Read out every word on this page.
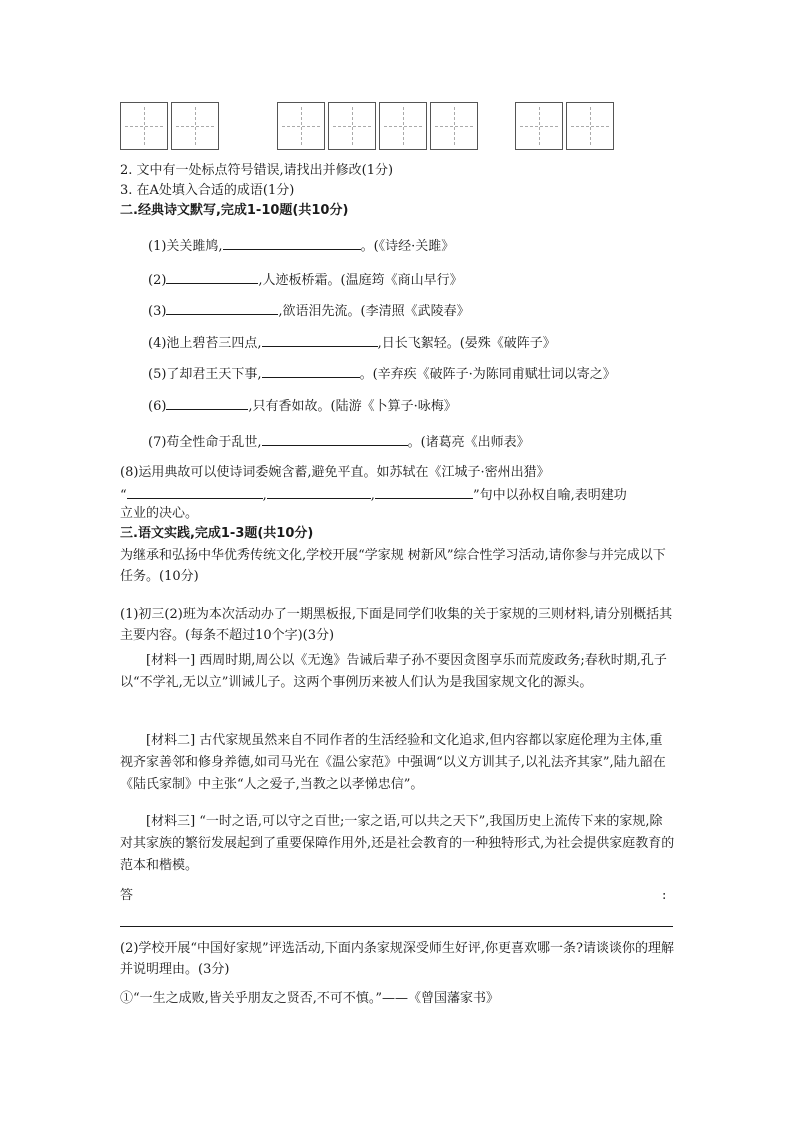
2. 文中有一处标点符号错误,请找出并修改(1分)
3. 在A处填入合适的成语(1分)
二.经典诗文默写,完成1-10题(共10分)
(1)关关雎鸠,	。(《诗经·关雎》
(2)	,人迹板桥霜。(温庭筠《商山早行》
(3)	,欲语泪先流。(李清照《武陵春》
(4)池上碧苔三四点,	,日长飞絮轻。(晏殊《破阵子》
(5)了却君王天下事,	。(辛弃疾《破阵子·为陈同甫赋壮词以寄之》
(6)	,只有香如故。(陆游《卜算子·咏梅》
(7)苟全性命于乱世,	。(诸葛亮《出师表》
(8)运用典故可以使诗词委婉含蓄,避免平直。如苏轼在《江城子·密州出猎》
“	,	,	”句中以孙权自喻,表明建功
立业的决心。
三.语文实践,完成1-3题(共10分)
为继承和弘扬中华优秀传统文化,学校开展“学家规 树新风”综合性学习活动,请你参与并完成以下任务。(10分)
(1)初三(2)班为本次活动办了一期黑板报,下面是同学们收集的关于家规的三则材料,请分别概括其主要内容。(每条不超过10个字)(3分)
[材料一] 西周时期,周公以《无逸》告诫后辈子孙不要因贪图享乐而荒废政务;春秋时期,孔子以“不学礼,无以立”训诫儿子。这两个事例历来被人们认为是我国家规文化的源头。
[材料二] 古代家规虽然来自不同作者的生活经验和文化追求,但内容都以家庭伦理为主体,重视齐家善邻和修身养德,如司马光在《温公家范》中强调“以义方训其子,以礼法齐其家”,陆九韶在《陆氏家制》中主张“人之爱子,当教之以孝悌忠信”。
[材料三] “一时之语,可以守之百世;一家之语,可以共之天下”,我国历史上流传下来的家规,除对其家族的繁衍发展起到了重要保障作用外,还是社会教育的一种独特形式,为社会提供家庭教育的范本和楷模。
答	:
(2)学校开展“中国好家规”评选活动,下面内条家规深受师生好评,你更喜欢哪一条?请谈谈你的理解并说明理由。(3分)
①“一生之成败,皆关乎朋友之贤否,不可不慎。”——《曾国藩家书》
